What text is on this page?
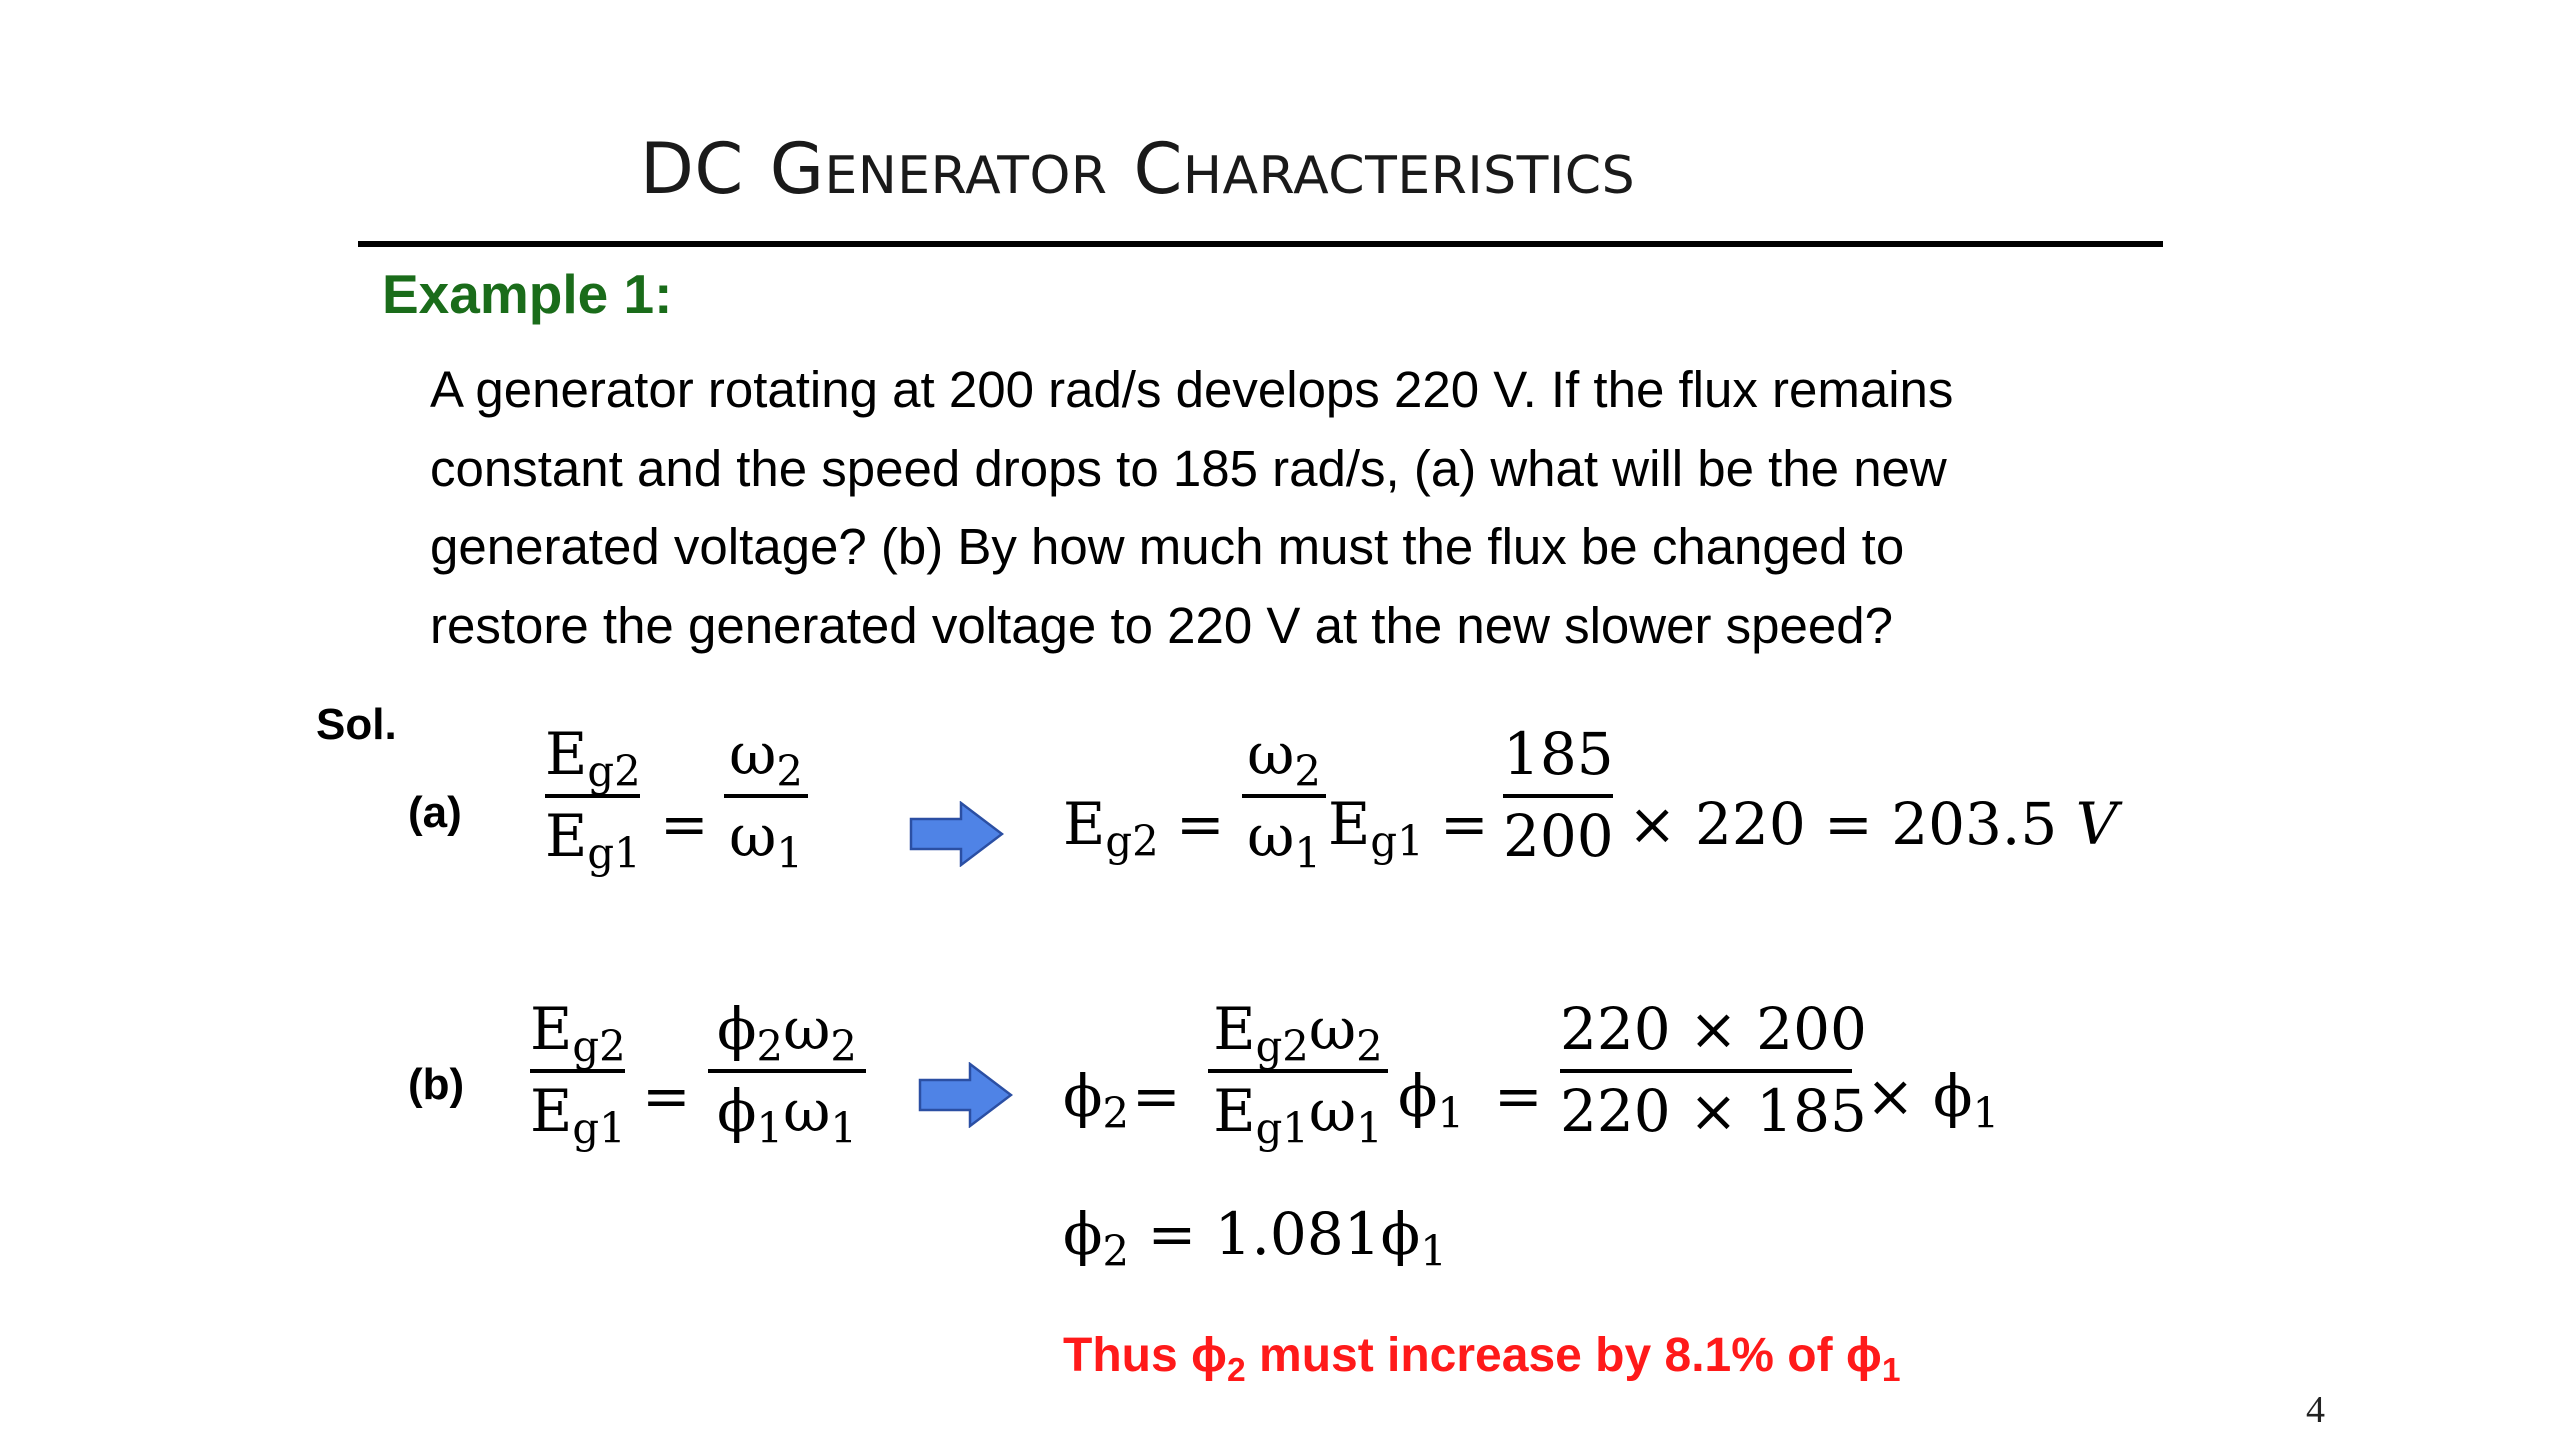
DC GENERATOR CHARACTERISTICS
Example 1:
A generator rotating at 200 rad/s develops 220 V. If the flux remains
constant and the speed drops to 185 rad/s, (a) what will be the new
generated voltage? (b) By how much must the flux be changed to
restore the generated voltage to 220 V at the new slower speed?
Sol.
(a)
$E_{g2}$
$E_{g1}$ =
$\omega_2$
$\omega_1$	$E_{g2}$ =
$\omega_2$
$\omega_1$ $E_{g1}$ =
185
200 × 220 = 203.5 V
(b)
$E_{g2}$
$E_{g1}$ =
$\phi_2\omega_2$
$\phi_1\omega_1$	$\phi_2$ =
$E_{g2}\omega_2$
$E_{g1}\omega_1$ $\phi_1$ =
220 × 200
$220 \times 185 \times \phi_1$
$\phi_2 = 1.081\phi_1$
Thus $\phi_2$ must increase by 8.1% of $\phi_1$
4
